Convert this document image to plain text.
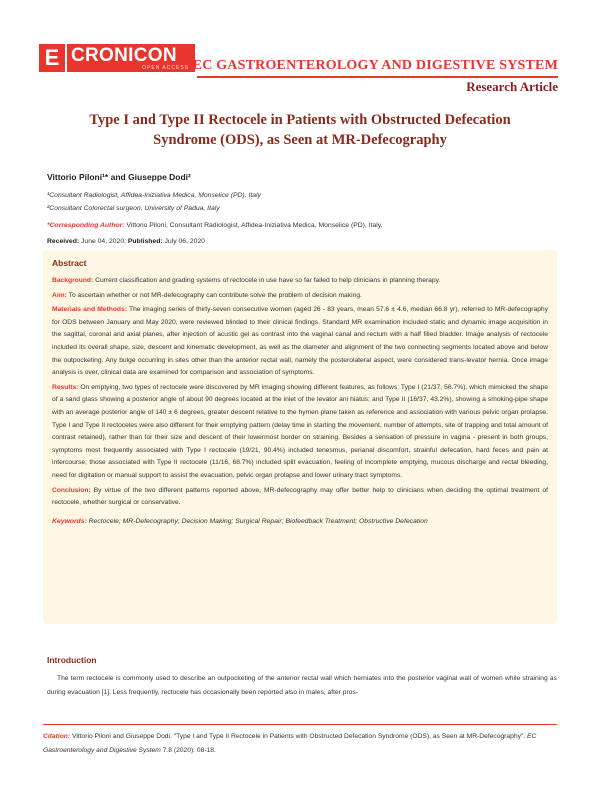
E CRONICON
OPEN ACCESS EC GASTROENTEROLOGY AND DIGESTIVE SYSTEM
Research Article
Type I and Type II Rectocele in Patients with Obstructed Defecation Syndrome (ODS), as Seen at MR-Defecography
Vittorio Piloni¹* and Giuseppe Dodi²
¹Consultant Radiologist, Affidea-Iniziativa Medica, Monselice (PD), Italy
²Consultant Colorectal surgeon, University of Padua, Italy
*Corresponding Author: Vittorio Piloni, Consultant Radiologist, Affidea-Iniziativa Medica, Monselice (PD), Italy.
Received: June 04, 2020; Published: July 06, 2020
Abstract

Background: Current classification and grading systems of rectocele in use have so far failed to help clinicians in planning therapy.

Aim: To ascertain whether or not MR-defecography can contribute solve the problem of decision making.

Materials and Methods: The imaging series of thirty-seven consecutive women (aged 26 - 83 years, mean 57.6 ± 4.6, median 66.8 yr), referred to MR-defecography for ODS between January and May 2020, were reviewed blinded to their clinical findings. Standard MR examination included static and dynamic image acquisition in the sagittal, coronal and axial planes, after injection of acustic gel as contrast into the vaginal canal and rectum with a half filled bladder. Image analysis of rectocele included its overall shape, size, descent and kinematic development, as well as the diameter and alignment of the two connecting segments located above and below the outpocketing. Any bulge occurring in sites other than the anterior rectal wall, namely the posterolateral aspect, were considered trans-levator hernia. Once image analysis is over, clinical data are examined for comparison and association of symptoms.

Results: On emptying, two types of rectocele were discovered by MR imaging showing different features, as follows: Type I (21/37, 56.7%), which mimicked the shape of a sand glass showing a posterior angle of about 90 degrees located at the inlet of the levator ani hiatus; and Type II (16/37, 43.2%), showing a smoking-pipe shape with an average posterior angle of 140 ± 6 degrees, greater descent relative to the hymen plane taken as reference and association with various pelvic organ prolapse. Type I and Type II rectoceles were also different for their emptying pattern (delay time in starting the movement, number of attempts, site of trapping and total amount of contrast retained), rather than for their size and descent of their lowermost border on straining. Besides a sensation of pressure in vagina - present in both groups, symptoms most frequently associated with Type I rectocele (19/21, 90.4%) included tenesmus, perianal discomfort, strainful defecation, hard feces and pain at intercourse; those associated with Type II rectocele (11/16, 68.7%) included split evacuation, feeling of incomplete emptying, mucous discharge and rectal bleeding, need for digitation or manual support to assist the evacuation, pelvic organ prolapse and lower urinary tract symptoms.

Conclusion: By virtue of the two different patterns reported above, MR-defecography may offer better help to clinicians when deciding the optimal treatment of rectocele, whether surgical or conservative.

Keywords: Rectocele; MR-Defecography; Decision Making; Surgical Repair; Biofeedback Treatment; Obstructive Defecation

Introduction

The term rectocele is commonly used to describe an outpocketing of the anterior rectal wall which herniates into the posterior vaginal wall of women while straining as during evacuation [1]. Less frequently, rectocele has occasionally been reported also in males, after pros-

Citation: Vittorio Piloni and Giuseppe Dodi. "Type I and Type II Rectocele in Patients with Obstructed Defecation Syndrome (ODS), as Seen at MR-Defecography". EC Gastroenterology and Digestive System 7.8 (2020): 08-18.
